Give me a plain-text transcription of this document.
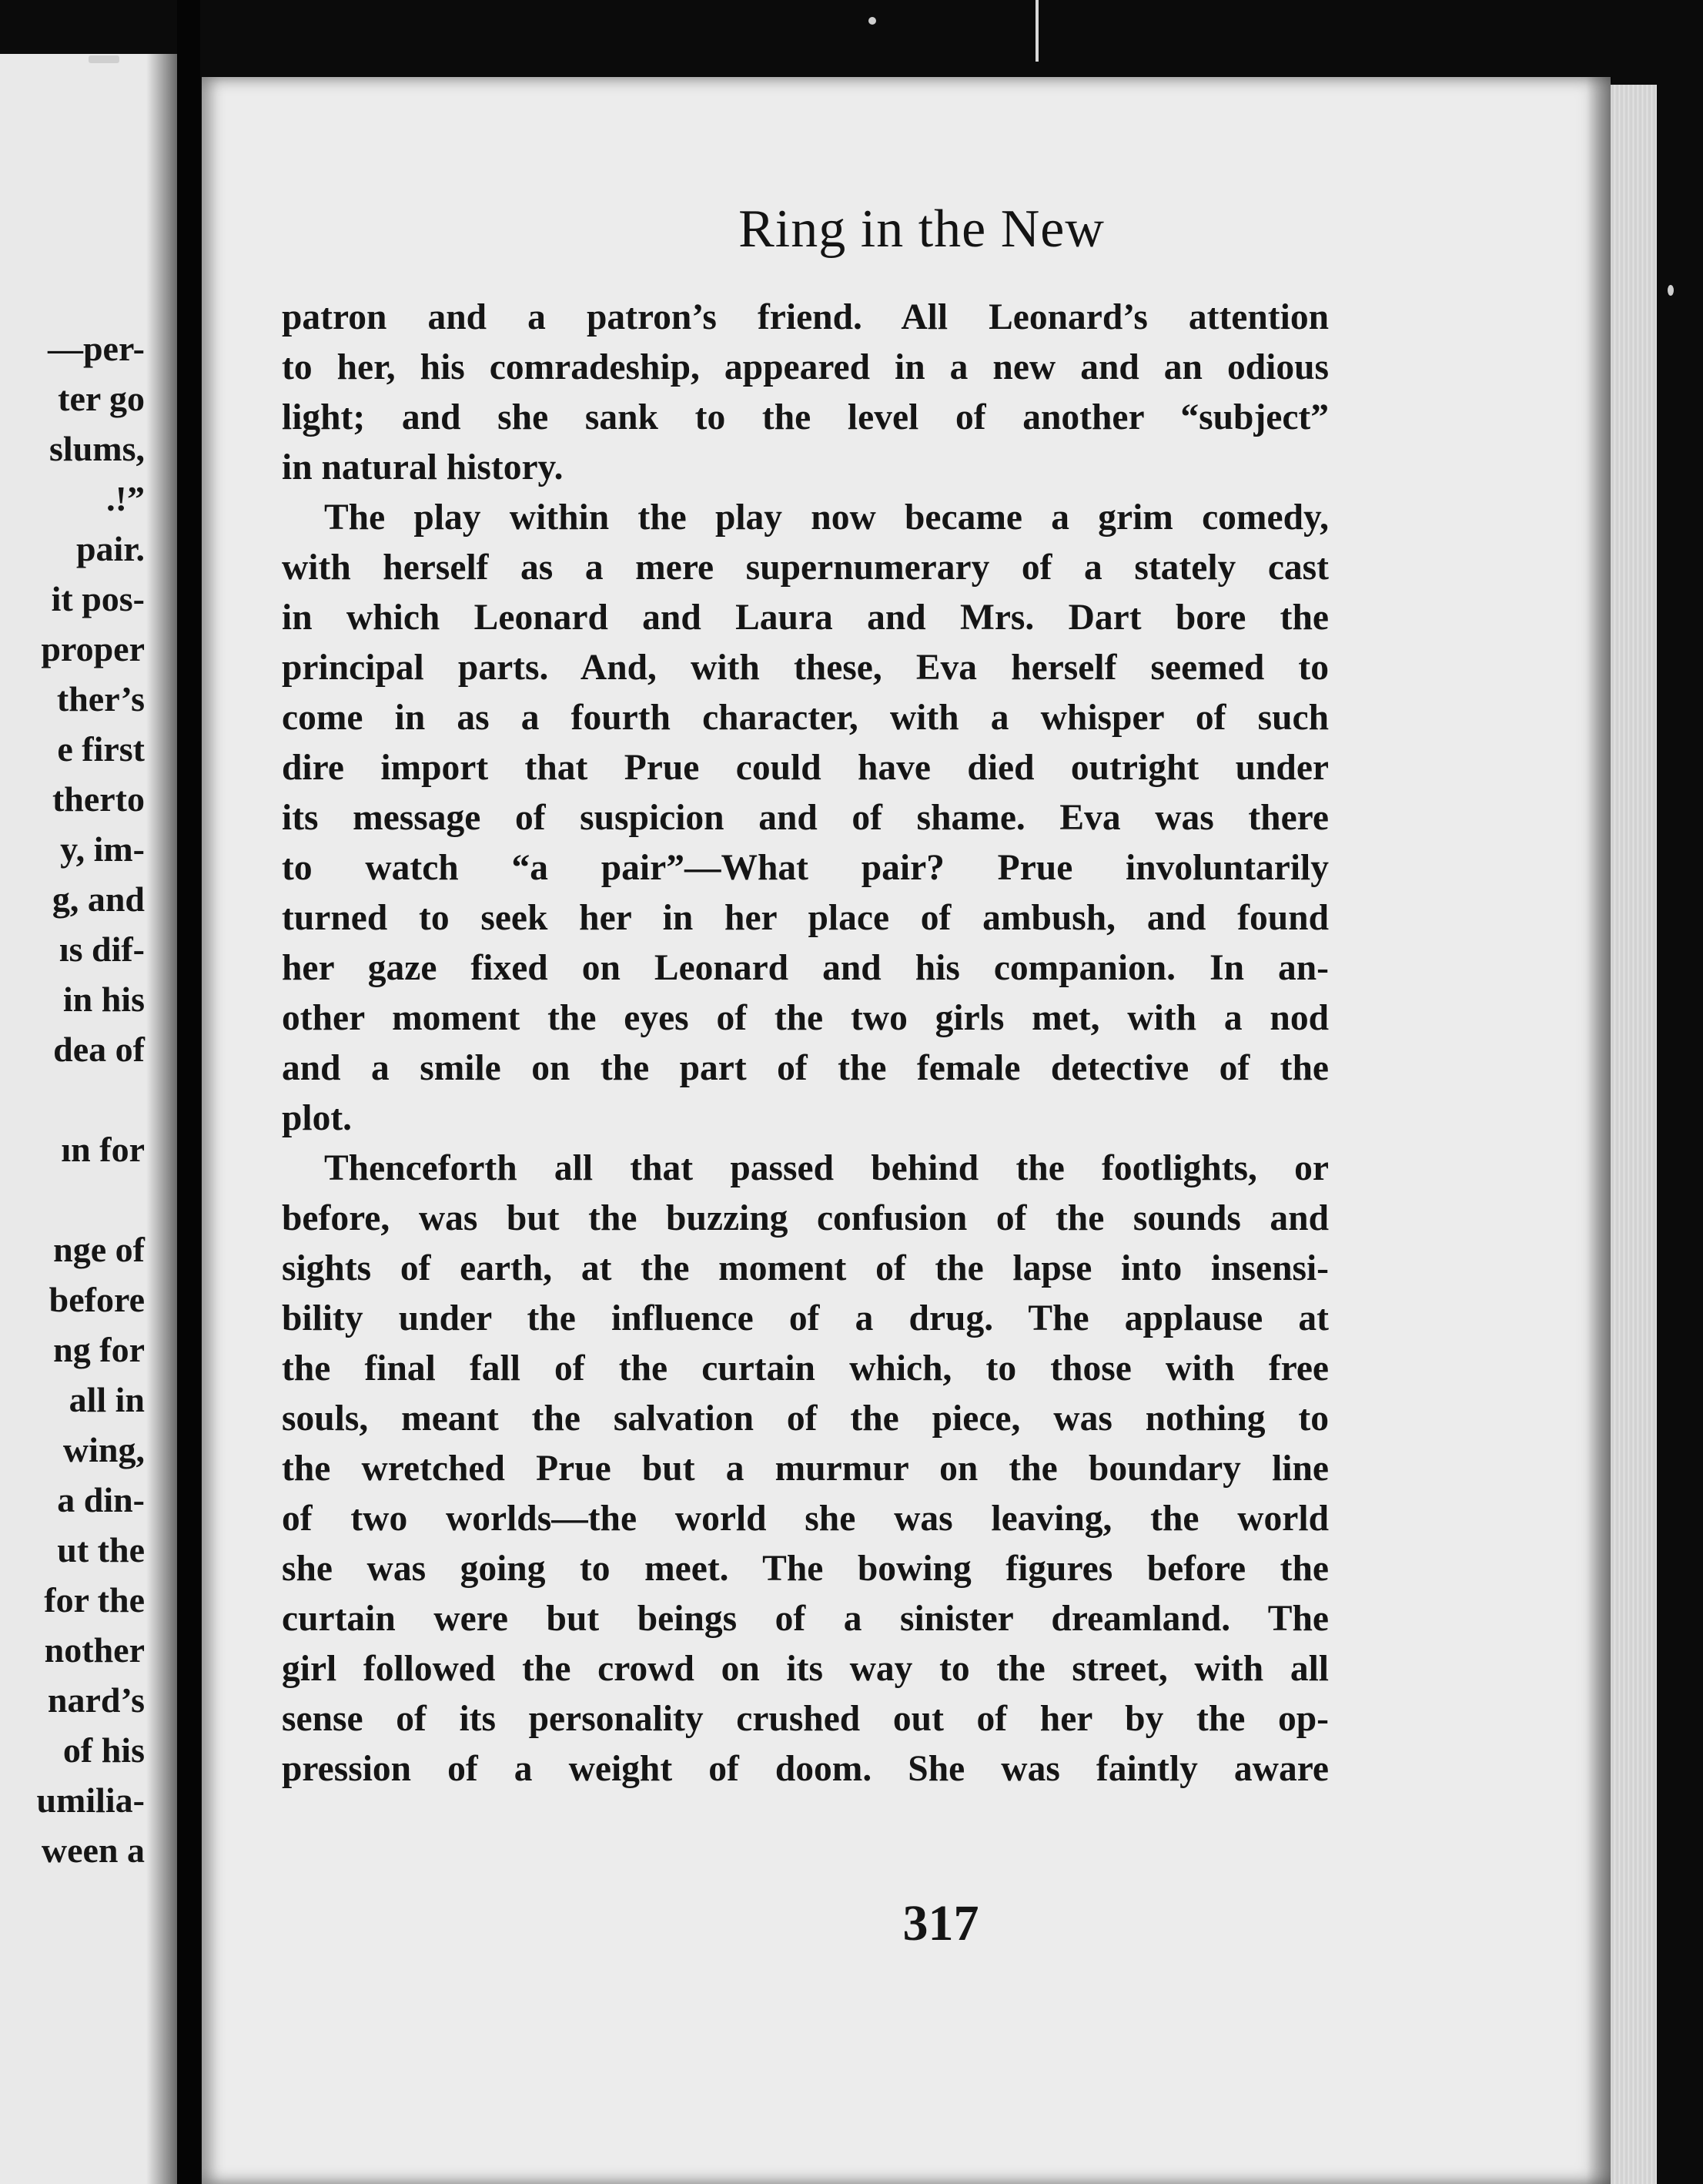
—per-

ter go

slums,

.!”

pair.

it pos-

proper

ther’s

e first

therto

y, im-

g, and

ıs dif-

in his

dea of

ın for

nge of

before

ng for

all in

wing,

a din-

ut the

for the

nother

nard’s

of his

umilia-

ween a

Ring in the New
patron and a patron’s friend. All Leonard’s attention
to her, his comradeship, appeared in a new and an odious
light; and she sank to the level of another “subject”
in natural history.
The play within the play now became a grim comedy,
with herself as a mere supernumerary of a stately cast
in which Leonard and Laura and Mrs. Dart bore the
principal parts. And, with these, Eva herself seemed to
come in as a fourth character, with a whisper of such
dire import that Prue could have died outright under
its message of suspicion and of shame. Eva was there
to watch “a pair”—What pair? Prue involuntarily
turned to seek her in her place of ambush, and found
her gaze fixed on Leonard and his companion. In an-
other moment the eyes of the two girls met, with a nod
and a smile on the part of the female detective of the
plot.
Thenceforth all that passed behind the footlights, or
before, was but the buzzing confusion of the sounds and
sights of earth, at the moment of the lapse into insensi-
bility under the influence of a drug. The applause at
the final fall of the curtain which, to those with free
souls, meant the salvation of the piece, was nothing to
the wretched Prue but a murmur on the boundary line
of two worlds—the world she was leaving, the world
she was going to meet. The bowing figures before the
curtain were but beings of a sinister dreamland. The
girl followed the crowd on its way to the street, with all
sense of its personality crushed out of her by the op-
pression of a weight of doom. She was faintly aware

317
